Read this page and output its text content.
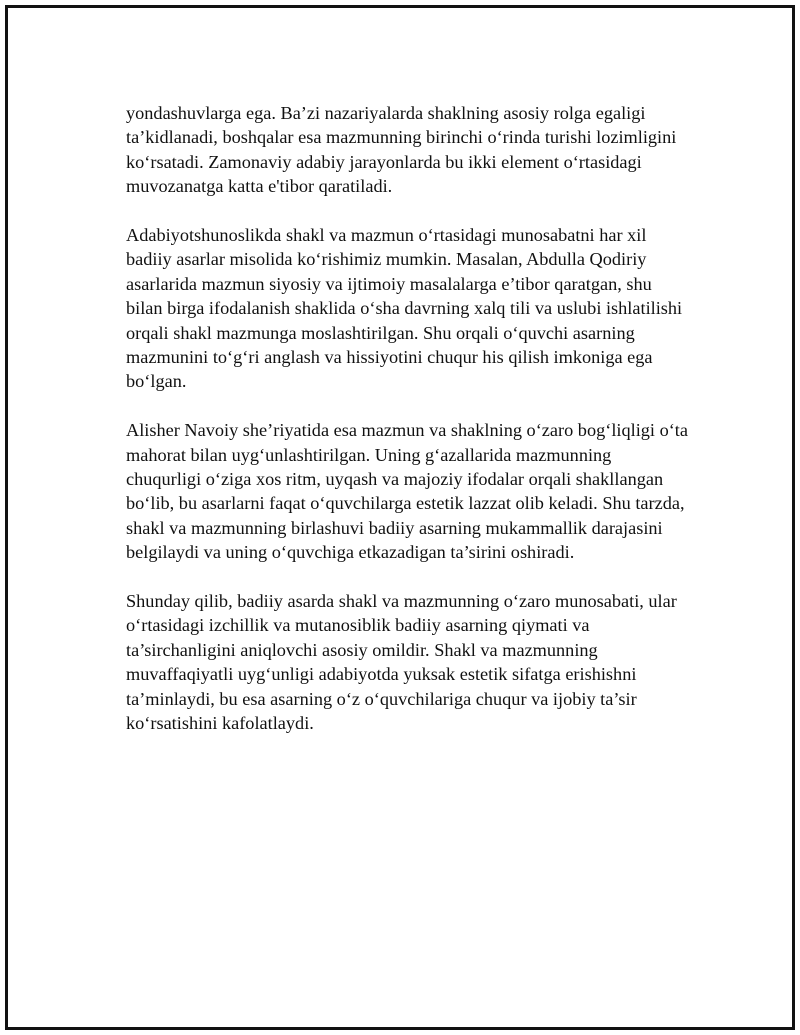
yondashuvlarga ega. Ba’zi nazariyalarda shaklning asosiy rolga egaligi
ta’kidlanadi, boshqalar esa mazmunning birinchi o‘rinda turishi lozimligini
ko‘rsatadi. Zamonaviy adabiy jarayonlarda bu ikki element o‘rtasidagi
muvozanatga katta e'tibor qaratiladi.

Adabiyotshunoslikda shakl va mazmun o‘rtasidagi munosabatni har xil
badiiy asarlar misolida ko‘rishimiz mumkin. Masalan, Abdulla Qodiriy
asarlarida mazmun siyosiy va ijtimoiy masalalarga e’tibor qaratgan, shu
bilan birga ifodalanish shaklida o‘sha davrning xalq tili va uslubi ishlatilishi
orqali shakl mazmunga moslashtirilgan. Shu orqali o‘quvchi asarning
mazmunini to‘g‘ri anglash va hissiyotini chuqur his qilish imkoniga ega
bo‘lgan.

Alisher Navoiy she’riyatida esa mazmun va shaklning o‘zaro bog‘liqligi o‘ta
mahorat bilan uyg‘unlashtirilgan. Uning g‘azallarida mazmunning
chuqurligi o‘ziga xos ritm, uyqash va majoziy ifodalar orqali shakllangan
bo‘lib, bu asarlarni faqat o‘quvchilarga estetik lazzat olib keladi. Shu tarzda,
shakl va mazmunning birlashuvi badiiy asarning mukammallik darajasini
belgilaydi va uning o‘quvchiga etkazadigan ta’sirini oshiradi.

Shunday qilib, badiiy asarda shakl va mazmunning o‘zaro munosabati, ular
o‘rtasidagi izchillik va mutanosiblik badiiy asarning qiymati va
ta’sirchanligini aniqlovchi asosiy omildir. Shakl va mazmunning
muvaffaqiyatli uyg‘unligi adabiyotda yuksak estetik sifatga erishishni
ta’minlaydi, bu esa asarning o‘z o‘quvchilariga chuqur va ijobiy ta’sir
ko‘rsatishini kafolatlaydi.
